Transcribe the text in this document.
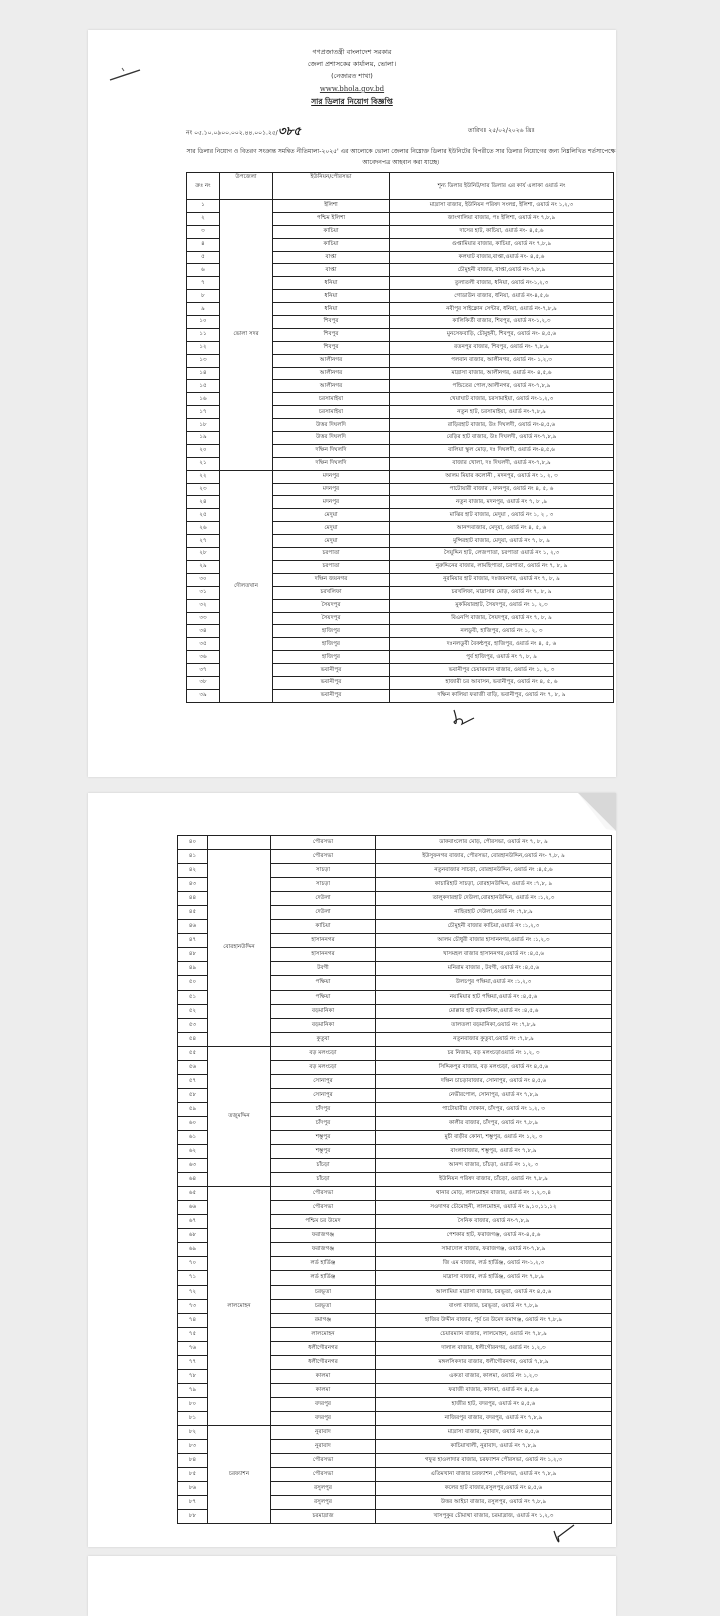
গণপ্রজাতন্ত্রী বাংলাদেশ সরকার
জেলা প্রশাসকের কার্যালয়, ভোলা।
(নেজারত শাখা)
www.bhola.gov.bd
সার ডিলার নিয়োগ বিজ্ঞপ্তি
নং ০৫.১০.০৯০০.০০২.৪৪.০০১.২৫/৩৮৫	তারিখঃ ২৫/০২/২০২৬ খ্রিঃ
সার ডিলার নিয়োগ ও বিতরণ সংক্রান্ত সমন্বিত নীতিমালা-২০২৫' এর আলোকে ভোলা জেলার নিম্নোক্ত ডিলার ইউনিটের বিপরীতে সার ডিলার নিয়োগের জন্য নিম্নলিখিত শর্তসাপেক্ষে আবেদনপত্র আহবান করা যাচ্ছে।
ক্রঃ নং	উপজেলা	ইউনিয়ন/পৌরসভা	শূন্য ডিলার ইউনিট/সার ডিলার এর কার্য এলাকা ওয়ার্ড নং
১	ভোলা সদর	ইলিশা	মাদ্রাসা বাজার, ইউনিয়ন পরিষদ সংলগ্ন, ইলিশা, ওয়ার্ড নং ১,২,৩
২		পশ্চিম ইলিশা	জাংগালিয়া বাজার, পঃ ইলিশা, ওয়ার্ড নং ৭,৮,৯
৩		কাচিয়া	দাসের হাট, কাচিয়া, ওয়ার্ড নং- ৪,৫,৬
৪		কাচিয়া	গুপ্তামিয়ার বাজার, কাচিয়া, ওয়ার্ড নং ৭,৮,৯
৫		বাপ্তা	কলঘাট বাজার,বাপ্তা,ওয়ার্ড নং- ৪,৫,৬
৬		বাপ্তা	চৌমুহনী বাজার, বাপ্তা,ওয়ার্ড নং-৭,৮,৯
৭		ধনিয়া	তুলাতলী বাজার, ধনিয়া, ওয়ার্ড নং-১,২,৩
৮		ধনিয়া	গোডাউন বাজার, ধনিয়া, ওয়ার্ড নং-৪,৫,৬
৯		ধনিয়া	নবীপুর সাইক্লোন সেন্টার, ধনিয়া, ওয়ার্ড নং-৭,৮,৯
১০		শিবপুর	কালিকির্তী বাজার, শিবপুর, ওয়ার্ড নং-১,২,৩
১১		শিবপুর	মুনসেফবাড়ি, চৌমুহনী, শিবপুর, ওয়ার্ড নং- ৪,৫,৬
১২		শিবপুর	রতনপুর বাজার, শিবপুর, ওয়ার্ড নং- ৭,৮,৯
১৩		আলীনগর	পলবান বাজার, আলীনগর, ওয়ার্ড নং- ১,২,৩
১৪		আলীনগর	মাদ্রাসা বাজার, আলীনগর, ওয়ার্ড নং- ৪,৫,৬
১৫		আলীনগর	পন্ডিতের পোল,আলীনগর, ওয়ার্ড নং-৭,৮,৯
১৬		চরসামাইয়া	খেয়াঘাট বাজার, চরসামাইয়া, ওয়ার্ড নং-১,২,৩
১৭		চরসামাইয়া	নতুন হাট, চরসামাইয়া, ওয়ার্ড নং-৭,৮,৯
১৮		উত্তর দিঘলদি	রাড়িরহাট বাজার, উঃ দিঘলদী, ওয়ার্ড নং-৪,৫,৬
১৯		উত্তর দিঘলদি	বেড়ির হাট বাজার, উঃ দিঘলদী, ওয়ার্ড নং-৭,৮,৯
২০		দক্ষিন দিঘলদি	বালিয়া স্কুল মোড়, দঃ দিঘলদী, ওয়ার্ড নং-৪,৫,৬
২১		দক্ষিন দিঘলদি	বাজার খোলা, দঃ দিঘলদী, ওয়ার্ড নং-৭,৮,৯
২২	দৌলতখান	মদনপুর	আলম মিয়ার কলোনী , মদনপুর, ওয়ার্ড নং ১, ২, ৩
২৩		মদনপুর	পাটোয়ারী বাজার , মদনপুর, ওয়ার্ড নং ৪, ৫, ৬
২৪		মদনপুর	নতুন বাজার, মদনপুর, ওয়ার্ড নং ৭, ৮ ,৯
২৫		মেদুয়া	মাঝির হাট বাজার, মেদুয়া , ওয়ার্ড নং ১, ২ , ৩
২৬		মেদুয়া	আনন্দবাজার, মেদুয়া, ওয়ার্ড নং ৪, ৫, ৬
২৭		মেদুয়া	মুন্সিরহাট বাজার, মেদুয়া, ওয়ার্ড নং ৭, ৮, ৯
২৮		চরপাতা	সৈয়ুদ্দিন হাট, লেজপাতা, চরপাতা ওয়ার্ড নং ১, ২,৩
২৯		চরপাতা	নুরুদ্দিনের বাজার, লামছিপাতা, চরপাতা, ওয়ার্ড নং ৭, ৮, ৯
৩০		দক্ষিন জয়নগর	নুরমিয়ার হাট বাজার, দঃজয়নগর, ওয়ার্ড নং ৭, ৮, ৯
৩১		চরখলিফা	চরখলিফা, মাদ্রাসার মোড়, ওয়ার্ড নং ৭, ৮, ৯
৩২		সৈয়দপুর	মুকমিয়ারহাট, সৈয়দপুর, ওয়ার্ড নং ১, ২,৩
৩৩		সৈয়দপুর	বিএনপি বাজার, সৈয়দপুর, ওয়ার্ড নং ৭, ৮, ৯
৩৪		হাজিপুর	নলডুবী, হাজিপুর, ওয়ার্ড নং ১, ২, ৩
৩৫		হাজিপুর	দঃনলডুবী বৈকন্ঠপুর, হাজিপুর, ওয়ার্ড নং ৪, ৫, ৬
৩৬		হাজিপুর	পুর্ব হাজিপুর, ওয়ার্ড নং ৭, ৮, ৯
৩৭		ভবানীপুর	ভবানীপুর চেয়ারম্যান বাজার, ওয়ার্ড নং ১, ২, ৩
৩৮		ভবানীপুর	হাজারী চর আবাসন, ভবানীপুর, ওয়ার্ড নং ৪, ৫, ৬
৩৯		ভবানীপুর	দক্ষিন কালিয়া ফরাজী বাড়ি, ভবানীপুর, ওয়ার্ড নং ৭, ৮, ৯
৪০		পৌরসভা	ডাকবাংলোর মোড়, পৌরসভা, ওয়ার্ড নং ৭, ৮, ৯
৪১	বোরহানউদ্দিন	পৌরসভা	ইউসুফনগর বাজার, পৌরসভা, বোরহানউদ্দিন,ওয়ার্ড নং- ৭,৮, ৯
৪২		সাচড়া	নতুনবাজার সাচড়া, বোরহানউদ্দিন, ওয়ার্ড নং :৪,৫,৬
৪৩		সাচড়া	কাচারিহাট সাচড়া, বোরহানউদ্দিন, ওয়ার্ড নং :৭,৮, ৯
৪৪		দেউলা	তালুকদারহাট দেউলা,বোরহানউদ্দিন, ওয়ার্ড নং :১,২,৩
৪৫		দেউলা	নাছিরহাট দেউলা,ওয়ার্ড নং :৭,৮,৯
৪৬		কাচিয়া	চৌমুহনী বাজার কাচিয়া,ওয়ার্ড নং :১,২,৩
৪৭		হাসাননগর	আলম চৌধুরী বাজার হাসাননগর,ওয়ার্ড নং :১,২,৩
৪৮		হাসাননগর	খাসমহল বাজার হাসাননগর,ওয়ার্ড নং :৪,৫,৬
৪৯		টবগী	মনিরাম বাজার , টবগী, ওয়ার্ড নং :৪,৫,৬
৫০		পক্ষিয়া	উলচপুর পক্ষিয়া,ওয়ার্ড নং :১,২,৩
৫১		পক্ষিয়া	নয়ামিয়ার হাট পক্ষিয়া,ওয়ার্ড নং :৪,৫,৬
৫২		বড়মানিকা	মোল্লার হাট বড়মানিকা,ওয়ার্ড নং :৪,৫,৬
৫৩		বড়মানিকা	তালতলা বড়মানিকা,ওয়ার্ড নং :৭,৮,৯
৫৪		কুতুবা	নতুনবাজার কুতুবা,ওয়ার্ড নং :৭,৮,৯
৫৫	তজুমদ্দিন	বড় মলংচড়া	চর নিজাম, বড় মলংচড়াওয়ার্ড নং ১,২, ৩
৫৬		বড় মলংচড়া	সিদ্দিকপুর বাজার, বড় মলংচড়া, ওয়ার্ড নং ৪,৫,৬
৫৭		সোনাপুর	দক্ষিন চাচড়াবাজার, সোনাপুর, ওয়ার্ড নং ৪,৫,৬
৫৮		সোনাপুর	নেভীরপোল, সোনাপুর, ওয়ার্ড নং ৭,৮,৯
৫৯		চাঁদপুর	পাটোয়ারীর দোকান, চাঁদপুর, ওয়ার্ড নং ১,২, ৩
৬০		চাঁদপুর	কালীর বাজার, চাঁদপুর, ওয়ার্ড নং ৭,৮,৯
৬১		শম্ভুপুর	মুচী বাড়ীর কোনা, শম্ভুপুর, ওয়ার্ড নং ১,২, ৩
৬২		শম্ভুপুর	বাংলাবাজার, শম্ভুপুর, ওয়ার্ড নং ৭,৮,৯
৬৩		চাঁচড়া	আনন্দ বাজার, চাঁচড়া, ওয়ার্ড নং ১,২, ৩
৬৪		চাঁচড়া	ইউনিয়ন পরিষদ বাজার, চাঁচড়া, ওয়ার্ড নং ৭,৮,৯
৬৫	লালমোহন	পৌরসভা	থানার মোড়, লালমোহন বাজার, ওয়ার্ড নং ১,২,৩,৪
৬৬		পৌরসভা	সওদাগর চৌমোহনী, লালমোহন, ওয়ার্ড নং ৯,১০,১১,১২
৬৭		পশ্চিম চর উমেদ	সৈনিক বাজার, ওয়ার্ড নং-৭,৮,৯
৬৮		ফরাজগঞ্জ	পেশকার হাট, ফরাজগঞ্জ, ওয়ার্ড নং-৪,৫,৬
৬৯		ফরাজগঞ্জ	সামাদোল বাজার, ফরাজগঞ্জ, ওয়ার্ড নং-৭,৮,৯
৭০		লর্ড হার্ডিঞ্জ	জি এম বাজার, লর্ড হার্ডিঞ্জ, ওয়ার্ড নং-১,২,৩
৭১		লর্ড হার্ডিঞ্জ	মাদ্রাসা বাজার, লর্ড হার্ডিঞ্জ, ওয়ার্ড নং ৭,৮,৯
৭২		চরভূতা	আলামিয়া মাদ্রাসা বাজার, চরভূতা, ওয়ার্ড নং ৪,৫,৬
৭৩		চরভূতা	বাংলা বাজার, চরভূতা, ওয়ার্ড নং ৭,৮,৯
৭৪		রমাগঞ্জ	হাজির উদ্দীন বাজার, পূর্ব চর উমেদ রমাগঞ্জ, ওয়ার্ড নং ৭,৮,৯
৭৫		লালমোহন	চেয়ারম্যান বাজার, লালমোহন, ওয়ার্ড নং ৭,৮,৯
৭৬		ধলীগৌরনগর	দালাল বাজার, ধলীগৌরনগর, ওয়ার্ড নং ১,২,৩
৭৭		ধলীগৌরনগর	মঙ্গলসিকদার বাজার, ধলীগৌরনগর, ওয়ার্ড ৭,৮,৯
৭৮		কালমা	একতা বাজার, কালমা, ওয়ার্ড নং ১,২,৩
৭৯		কালমা	ফরাজী বাজার, কালমা, ওয়ার্ড নং ৪,৫,৬
৮০		বদরপুর	হাজীর হাট, বদরপুর, ওয়ার্ড নং ৪,৫,৬
৮১		বদরপুর	নাজিরপুর বাজার, বদরপুর, ওয়ার্ড নং ৭,৮,৯
৮২	চরফ্যাশন	নুরাবাদ	মাদ্রাসা বাজার, নুরাবাদ, ওয়ার্ড নং ৪,৫,৬
৮৩		নুরাবাদ	কাচিয়াখালী, নুরাবাদ, ওয়ার্ড নং ৭,৮,৯
৮৪		পৌরসভা	গফুর হাওলাদার বাজার, চরফ্যাশন পৌরসভা, ওয়ার্ড নং ১,২,৩
৮৫		পৌরসভা	এতিমখানা বাজার চরফ্যাশন ,পৌরসভা, ওয়ার্ড নং ৭,৮,৯
৮৬		রসুলপুর	কলের হাট বাজার,রসুলপুর,ওয়ার্ড নং ৪,৫,৬
৮৭		রসুলপুর	উত্তর আইচা বাজার, রসুলপুর, ওয়ার্ড নং ৭,৮,৯
৮৮		চরমাদ্রাজ	খাসপুকুর চৌমাথা বাজার, চরমাদ্রাজ, ওয়ার্ড নং ১,২,৩
